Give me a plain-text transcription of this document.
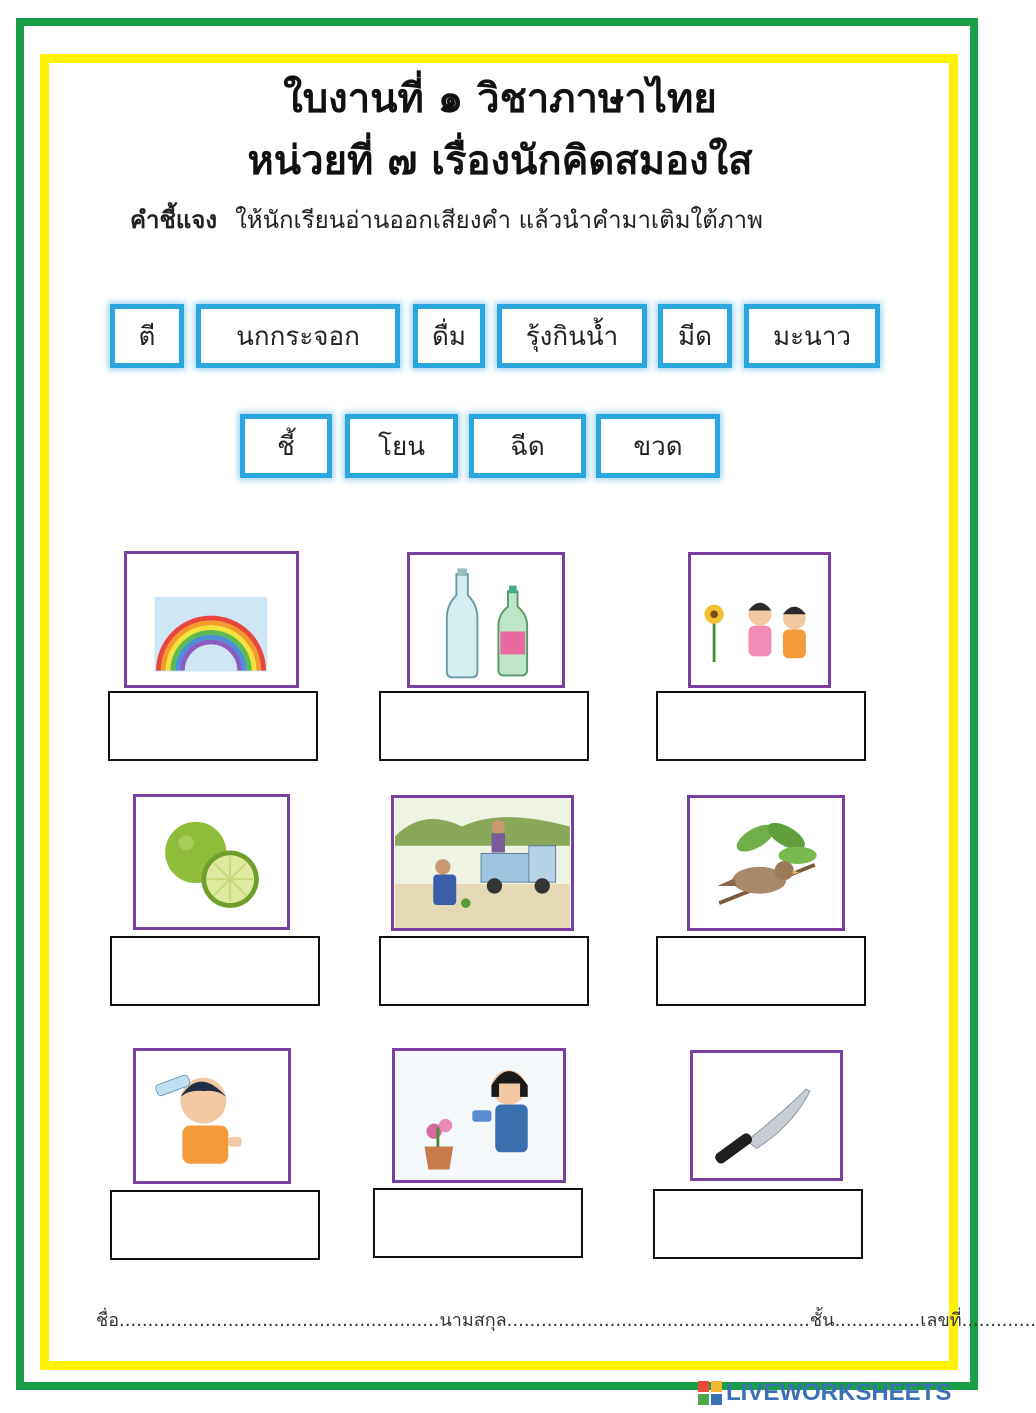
ใบงานที่ ๑ วิชาภาษาไทย
หน่วยที่ ๗ เรื่องนักคิดสมองใส
คำชี้แจง ให้นักเรียนอ่านออกเสียงคำ แล้วนำคำมาเติมใต้ภาพ
ตี	นกกระจอก	ดื่ม	รุ้งกินน้ำ	มีด	มะนาว
ชี้	โยน	ฉีด	ขวด
ชื่อ........................................................นามสกุล.....................................................ชั้น...............เลขที่.............
LIVEWORKSHEETS
